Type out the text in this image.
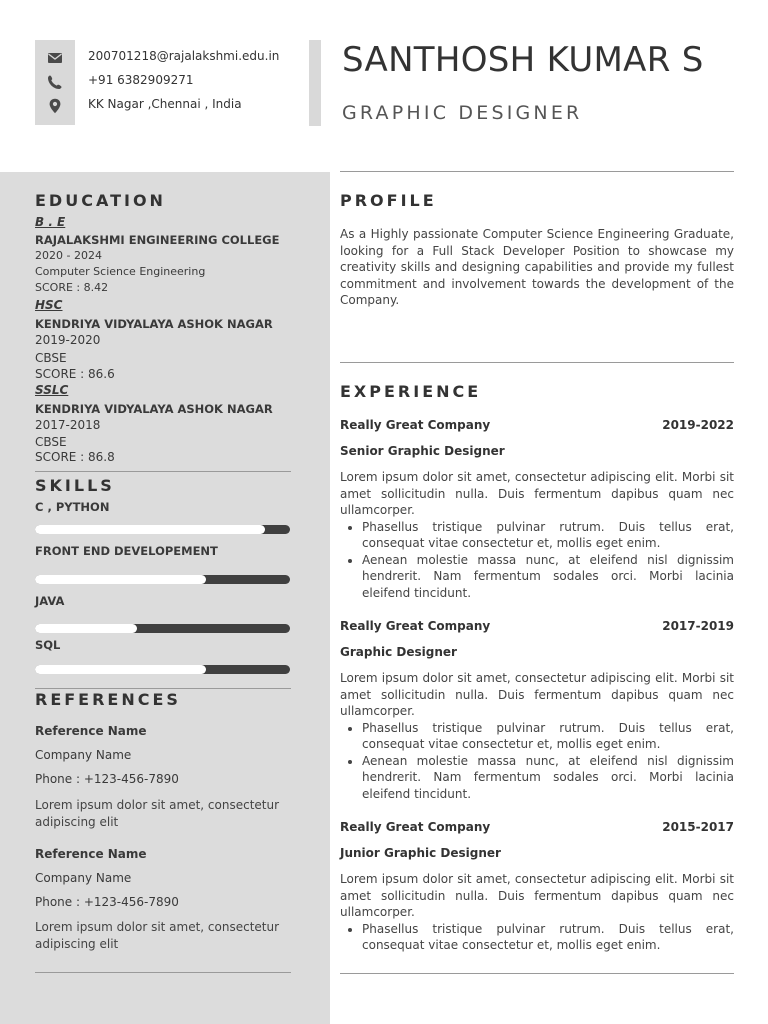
200701218@rajalakshmi.edu.in
+91 6382909271
KK Nagar ,Chennai , India
SANTHOSH KUMAR S
GRAPHIC DESIGNER
EDUCATION
B . E
RAJALAKSHMI ENGINEERING COLLEGE
2020 - 2024
Computer Science Engineering
SCORE : 8.42
HSC
KENDRIYA VIDYALAYA ASHOK NAGAR
2019-2020
CBSE
SCORE : 86.6
SSLC
KENDRIYA VIDYALAYA ASHOK NAGAR
2017-2018
CBSE
SCORE : 86.8
SKILLS
C , PYTHON
FRONT END DEVELOPEMENT
JAVA
SQL
REFERENCES
Reference Name
Company Name
Phone : +123-456-7890
Lorem ipsum dolor sit amet, consectetur adipiscing elit
Reference Name
Company Name
Phone : +123-456-7890
Lorem ipsum dolor sit amet, consectetur adipiscing elit
PROFILE
As a Highly passionate Computer Science Engineering Graduate, looking for a Full Stack Developer Position to showcase my creativity skills and designing capabilities and provide my fullest commitment and involvement towards the development of the Company.
EXPERIENCE
Really Great Company	2019-2022
Senior Graphic Designer
Lorem ipsum dolor sit amet, consectetur adipiscing elit. Morbi sit amet sollicitudin nulla. Duis fermentum dapibus quam nec ullamcorper.
• Phasellus tristique pulvinar rutrum. Duis tellus erat, consequat vitae consectetur et, mollis eget enim.
• Aenean molestie massa nunc, at eleifend nisl dignissim hendrerit. Nam fermentum sodales orci. Morbi lacinia eleifend tincidunt.
Really Great Company	2017-2019
Graphic Designer
Lorem ipsum dolor sit amet, consectetur adipiscing elit. Morbi sit amet sollicitudin nulla. Duis fermentum dapibus quam nec ullamcorper.
• Phasellus tristique pulvinar rutrum. Duis tellus erat, consequat vitae consectetur et, mollis eget enim.
• Aenean molestie massa nunc, at eleifend nisl dignissim hendrerit. Nam fermentum sodales orci. Morbi lacinia eleifend tincidunt.
Really Great Company	2015-2017
Junior Graphic Designer
Lorem ipsum dolor sit amet, consectetur adipiscing elit. Morbi sit amet sollicitudin nulla. Duis fermentum dapibus quam nec ullamcorper.
• Phasellus tristique pulvinar rutrum. Duis tellus erat, consequat vitae consectetur et, mollis eget enim.
